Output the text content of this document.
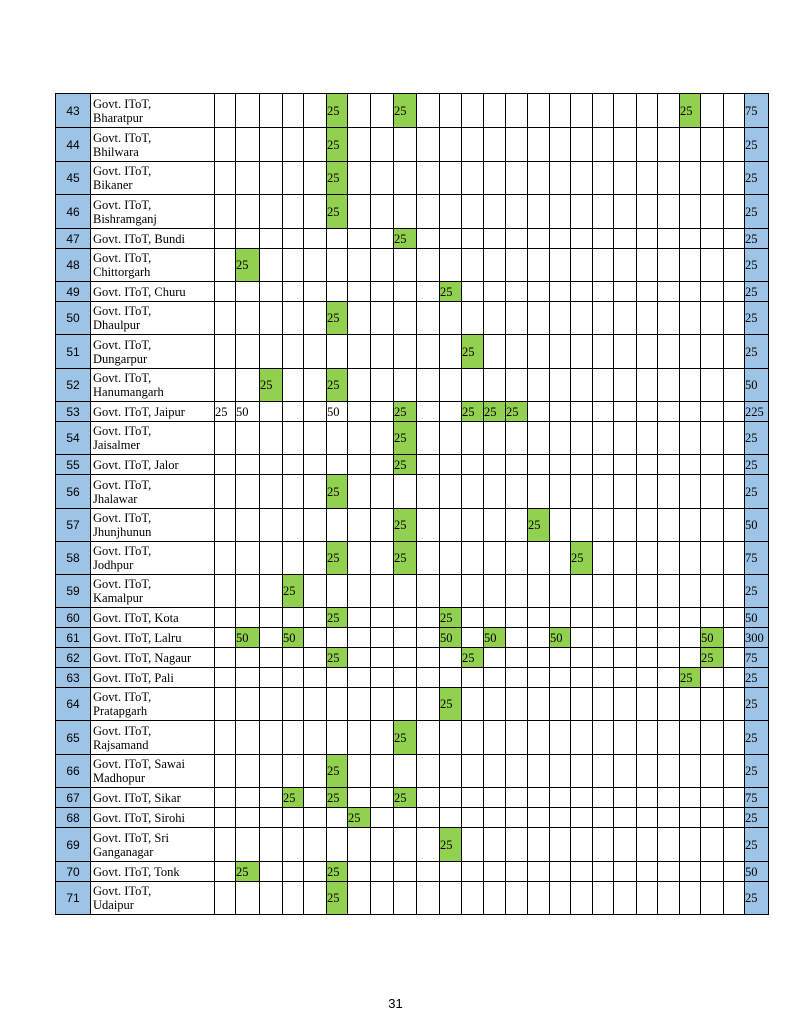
43	Govt. IToT,
Bharatpur						25			25													25			75
44	Govt. IToT,
Bhilwara						25																			25
45	Govt. IToT,
Bikaner						25																			25
46	Govt. IToT,
Bishramganj						25																			25
47	Govt. IToT, Bundi									25																25
48	Govt. IToT,
Chittorgarh		25																							25
49	Govt. IToT, Churu											25														25
50	Govt. IToT,
Dhaulpur						25																			25
51	Govt. IToT,
Dungarpur												25													25
52	Govt. IToT,
Hanumangarh			25			25																			50
53	Govt. IToT, Jaipur	25	50				50			25			25	25	25											225
54	Govt. IToT,
Jaisalmer									25																25
55	Govt. IToT, Jalor									25																25
56	Govt. IToT,
Jhalawar						25																			25
57	Govt. IToT,
Jhunjhunun									25						25										50
58	Govt. IToT,
Jodhpur						25			25								25								75
59	Govt. IToT,
Kamalpur				25																					25
60	Govt. IToT, Kota						25					25														50
61	Govt. IToT, Lalru		50		50							50		50			50							50		300
62	Govt. IToT, Nagaur						25						25											25		75
63	Govt. IToT, Pali																						25			25
64	Govt. IToT,
Pratapgarh											25														25
65	Govt. IToT,
Rajsamand									25																25
66	Govt. IToT, Sawai
Madhopur						25																			25
67	Govt. IToT, Sikar				25		25			25																75
68	Govt. IToT, Sirohi							25																		25
69	Govt. IToT, Sri
Ganganagar											25														25
70	Govt. IToT, Tonk		25				25																			50
71	Govt. IToT,
Udaipur						25																			25
31
